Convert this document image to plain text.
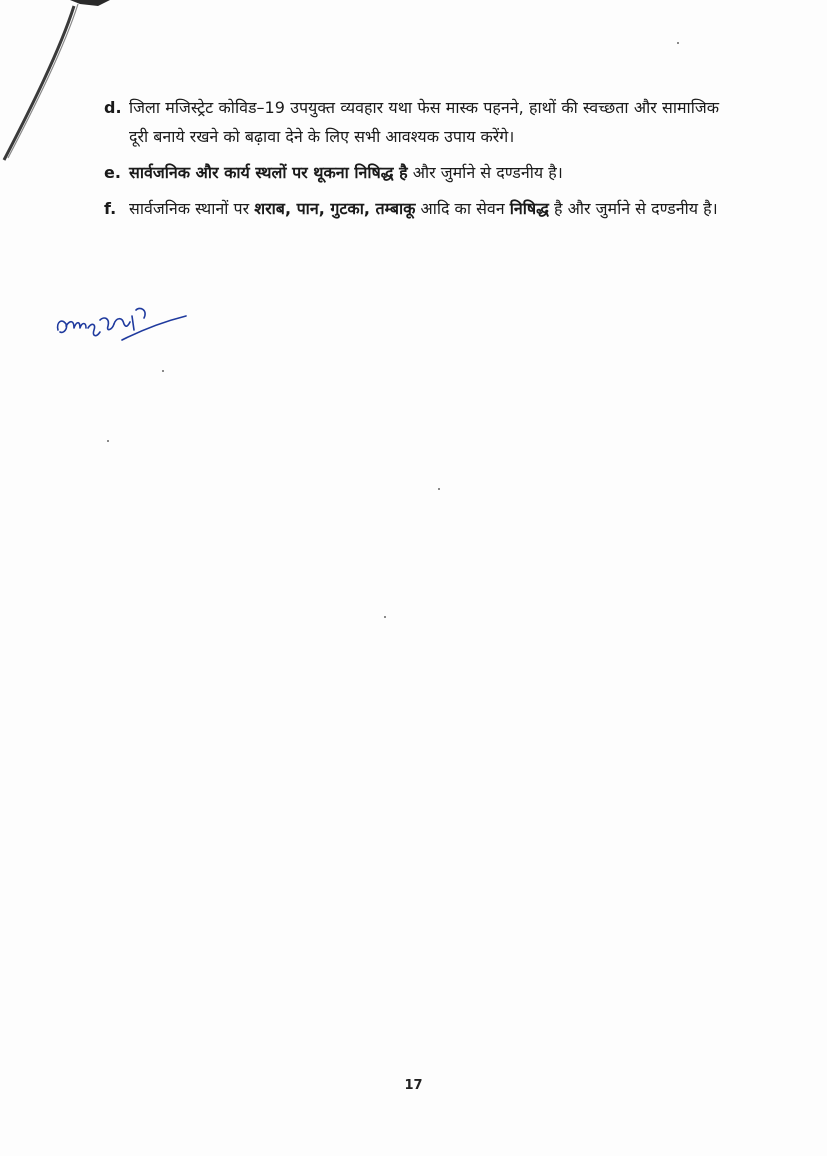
d. जिला मजिस्ट्रेट कोविड–19 उपयुक्त व्यवहार यथा फेस मास्क पहनने, हाथों की स्वच्छता और सामाजिक दूरी बनाये रखने को बढ़ावा देने के लिए सभी आवश्यक उपाय करेंगे।
e. सार्वजनिक और कार्य स्थलों पर थूकना निषिद्ध है और जुर्माने से दण्डनीय है।
f. सार्वजनिक स्थानों पर शराब, पान, गुटका, तम्बाकू आदि का सेवन निषिद्ध है और जुर्माने से दण्डनीय है।
17
